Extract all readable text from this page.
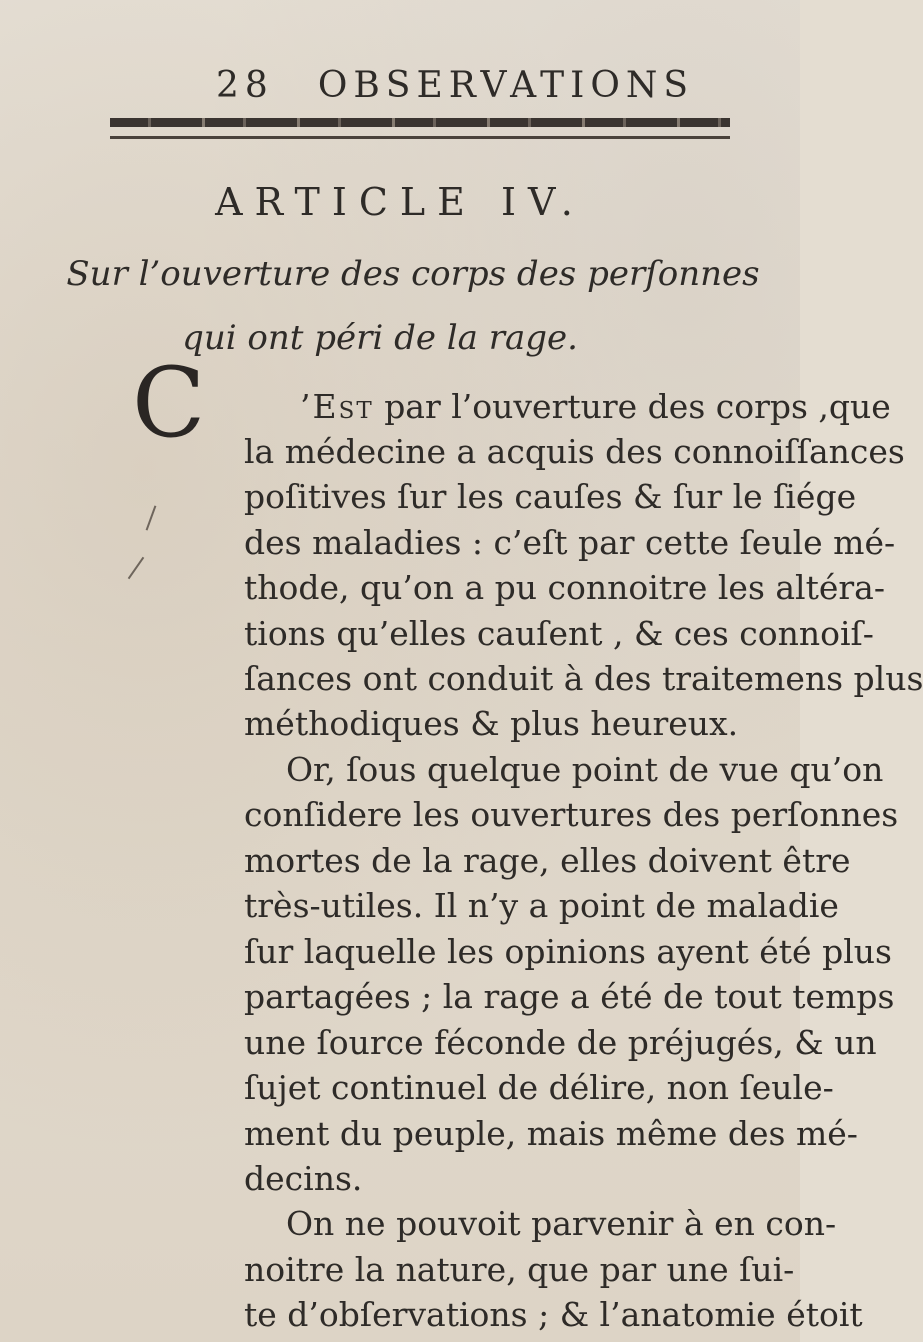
28 OBSERVATIONS
ARTICLE IV.
Sur l’ouverture des corps des perſonnes
qui ont péri de la rage.
C	’Est par l’ouverture des corps ,que
la médecine a acquis des connoiſſances
poſitives ſur les cauſes & ſur le ſiége
des maladies : c’eſt par cette ſeule mé-
thode, qu’on a pu connoitre les altéra-
tions qu’elles cauſent , & ces connoiſ-
ſances ont conduit à des traitemens plus
méthodiques & plus heureux.
Or, ſous quelque point de vue qu’on
conſidere les ouvertures des perſonnes
mortes de la rage, elles doivent être
très-utiles. Il n’y a point de maladie
ſur laquelle les opinions ayent été plus
partagées ; la rage a été de tout temps
une ſource féconde de préjugés, & un
ſujet continuel de délire, non ſeule-
ment du peuple, mais même des mé-
decins.
On ne pouvoit parvenir à en con-
noitre la nature, que par une ſui-
te d’obſervations ; & l’anatomie étoit
